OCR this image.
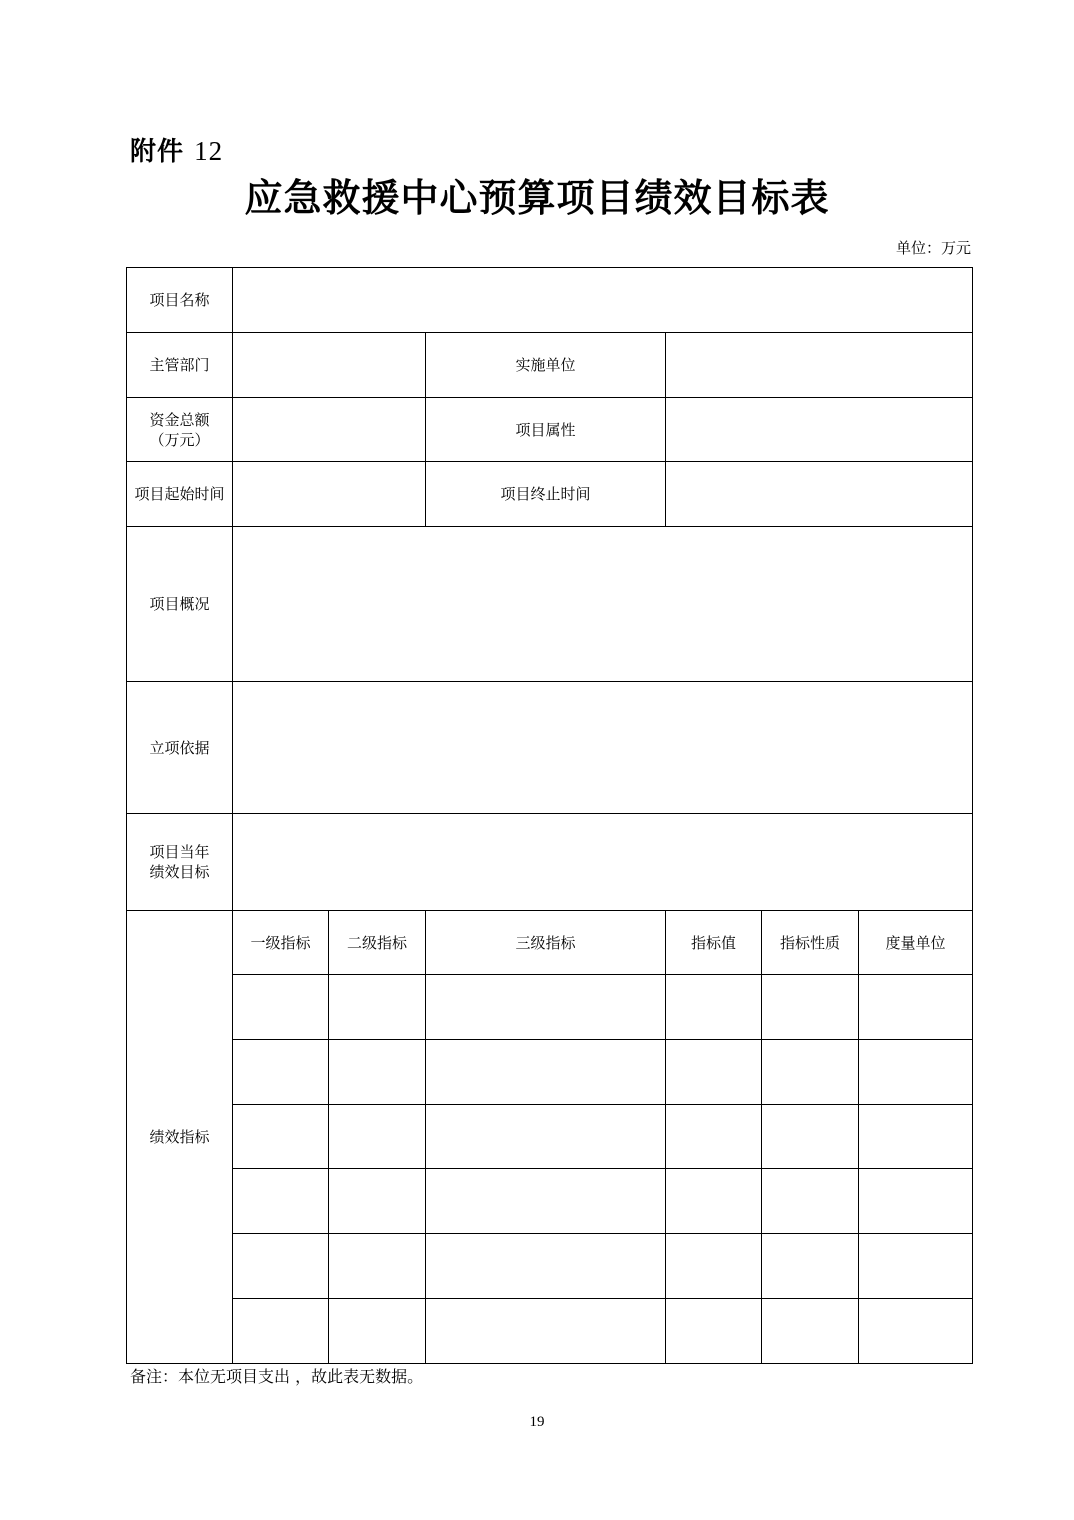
附件 12
应急救援中心预算项目绩效目标表
单位：万元
项目名称							
主管部门			实施单位				

资金总额
（万元）			项目属性				
项目起始时间			项目终止时间				
项目概况							
立项依据							

项目当年
绩效目标							

绩效指标	一级指标	二级指标	三级指标	指标值	指标性质	度量单位	

备注：本位无项目支出 ，故此表无数据。
19
